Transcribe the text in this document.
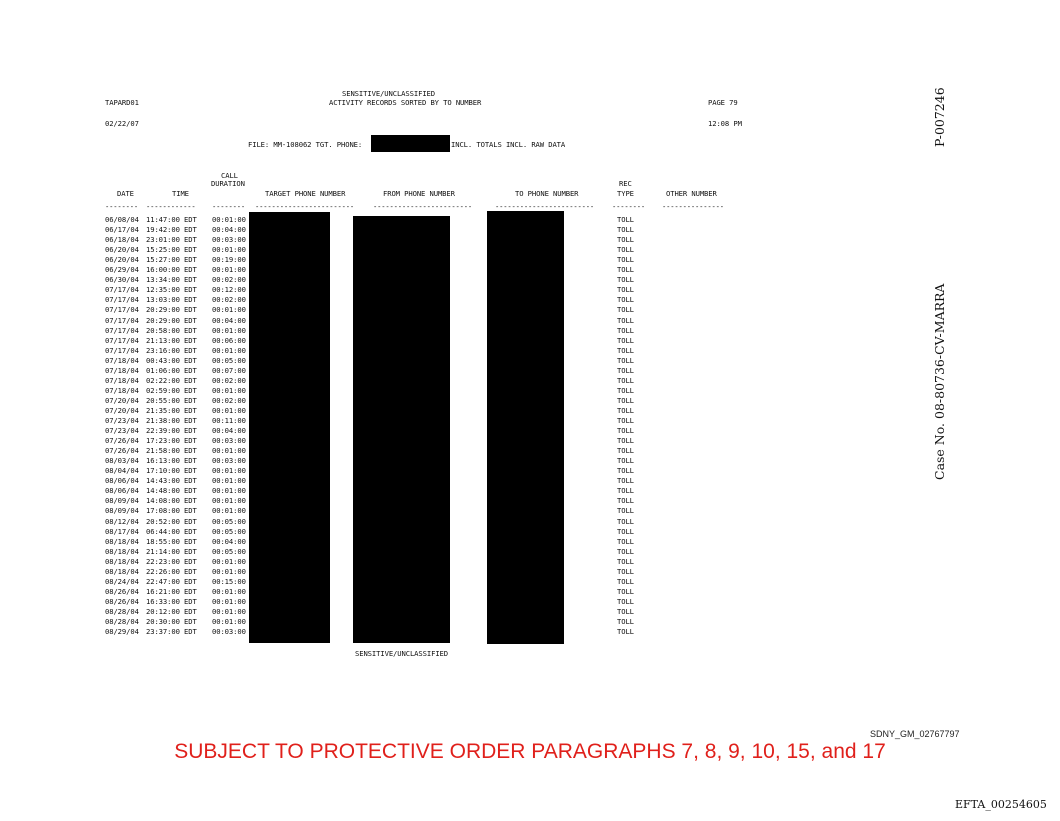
SENSITIVE/UNCLASSIFIED
TAPARD01	ACTIVITY RECORDS SORTED BY TO NUMBER	PAGE 79
02/22/07	12:08 PM
FILE: MM-108062 TGT. PHONE:	INCL. TOTALS INCL. RAW DATA
CALL
DURATION	REC
DATE	TIME	TARGET PHONE NUMBER	FROM PHONE NUMBER	TO PHONE NUMBER	TYPE	OTHER NUMBER
--------	------------	--------	------------------------	------------------------	------------------------	--------	---------------
06/08/04 11:47:00 EDT 00:01:00	TOLL
06/17/04 19:42:00 EDT 00:04:00	TOLL
06/18/04 23:01:00 EDT 00:03:00	TOLL
06/20/04 15:25:00 EDT 00:01:00	TOLL
06/20/04 15:27:00 EDT 00:19:00	TOLL
06/29/04 16:00:00 EDT 00:01:00	TOLL
06/30/04 13:34:00 EDT 00:02:00	TOLL
07/17/04 12:35:00 EDT 00:12:00	TOLL
07/17/04 13:03:00 EDT 00:02:00	TOLL
07/17/04 20:29:00 EDT 00:01:00	TOLL
07/17/04 20:29:00 EDT 00:04:00	TOLL
07/17/04 20:58:00 EDT 00:01:00	TOLL
07/17/04 21:13:00 EDT 00:06:00	TOLL
07/17/04 23:16:00 EDT 00:01:00	TOLL
07/18/04 00:43:00 EDT 00:05:00	TOLL
07/18/04 01:06:00 EDT 00:07:00	TOLL
07/18/04 02:22:00 EDT 00:02:00	TOLL
07/18/04 02:59:00 EDT 00:01:00	TOLL
07/20/04 20:55:00 EDT 00:02:00	TOLL
07/20/04 21:35:00 EDT 00:01:00	TOLL
07/23/04 21:38:00 EDT 00:11:00	TOLL
07/23/04 22:39:00 EDT 00:04:00	TOLL
07/26/04 17:23:00 EDT 00:03:00	TOLL
07/26/04 21:58:00 EDT 00:01:00	TOLL
08/03/04 16:13:00 EDT 00:03:00	TOLL
08/04/04 17:10:00 EDT 00:01:00	TOLL
08/06/04 14:43:00 EDT 00:01:00	TOLL
08/06/04 14:48:00 EDT 00:01:00	TOLL
08/09/04 14:08:00 EDT 00:01:00	TOLL
08/09/04 17:08:00 EDT 00:01:00	TOLL
08/12/04 20:52:00 EDT 00:05:00	TOLL
08/17/04 06:44:00 EDT 00:05:00	TOLL
08/18/04 18:55:00 EDT 00:04:00	TOLL
08/18/04 21:14:00 EDT 00:05:00	TOLL
08/18/04 22:23:00 EDT 00:01:00	TOLL
08/18/04 22:26:00 EDT 00:01:00	TOLL
08/24/04 22:47:00 EDT 00:15:00	TOLL
08/26/04 16:21:00 EDT 00:01:00	TOLL
08/26/04 16:33:00 EDT 00:01:00	TOLL
08/28/04 20:12:00 EDT 00:01:00	TOLL
08/28/04 20:30:00 EDT 00:01:00	TOLL
08/29/04 23:37:00 EDT 00:03:00	TOLL
SENSITIVE/UNCLASSIFIED
P-007246
Case No. 08-80736-CV-MARRA
SDNY_GM_02767797
SUBJECT TO PROTECTIVE ORDER PARAGRAPHS 7, 8, 9, 10, 15, and 17
EFTA_00254605
